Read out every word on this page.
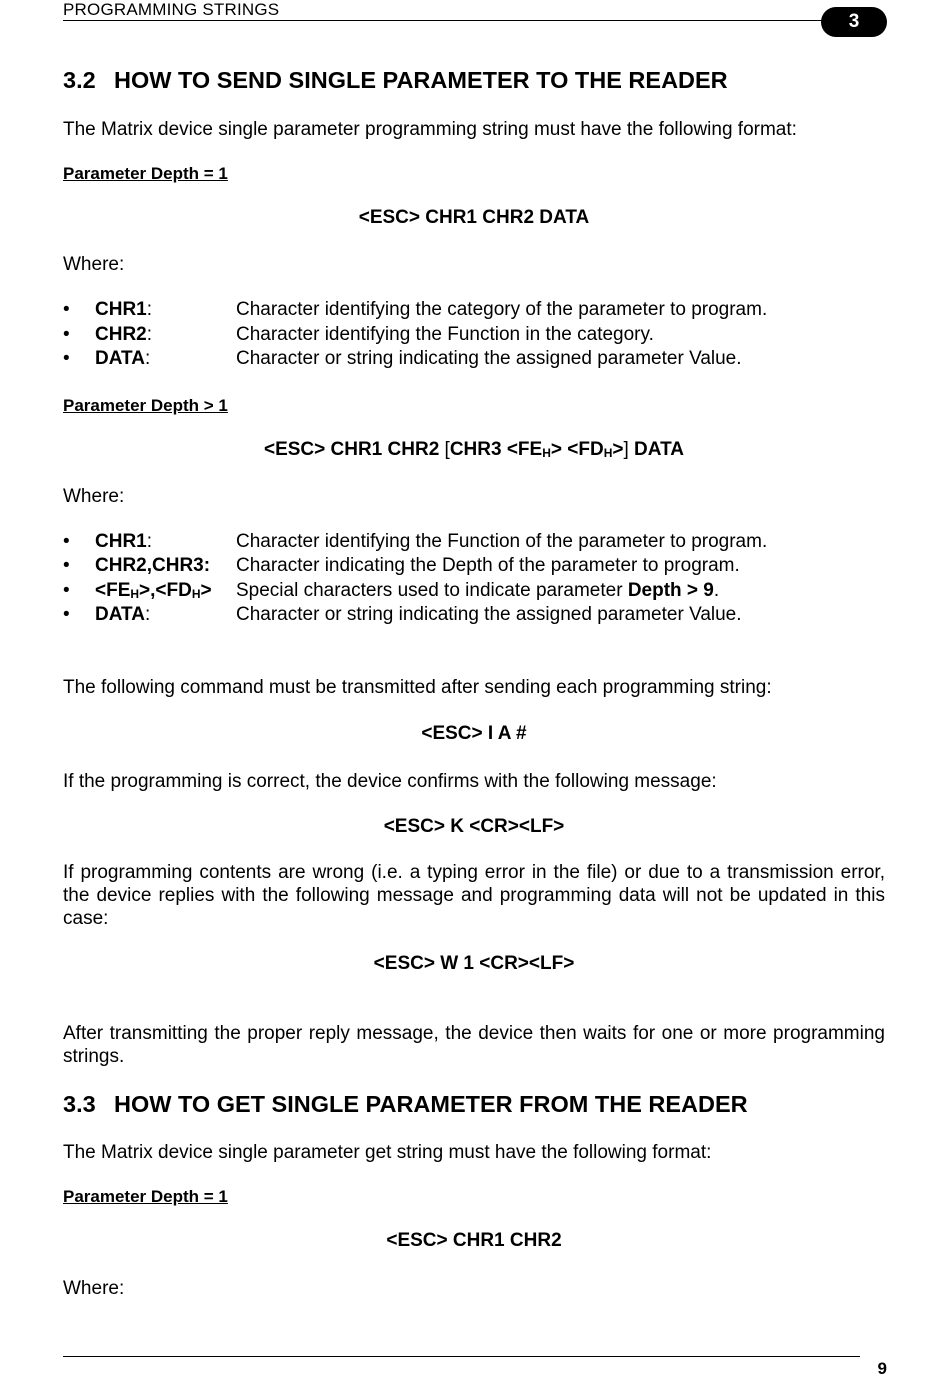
PROGRAMMING STRINGS
3
3.2 HOW TO SEND SINGLE PARAMETER TO THE READER
The Matrix device single parameter programming string must have the following format:
Parameter Depth = 1
<ESC> CHR1 CHR2 DATA
Where:
• CHR1:	Character identifying the category of the parameter to program.
• CHR2:	Character identifying the Function in the category.
• DATA:	Character or string indicating the assigned parameter Value.
Parameter Depth > 1
<ESC> CHR1 CHR2 $[CHR3 <FE_H> <FD_H>]$ DATA
Where:
• CHR1:	Character identifying the Function of the parameter to program.
• CHR2,CHR3: Character indicating the Depth of the parameter to program.
• $<FE_H>,<FD_H>$ Special characters used to indicate parameter Depth > 9.
• DATA:	Character or string indicating the assigned parameter Value.
The following command must be transmitted after sending each programming string:
<ESC> I A #
If the programming is correct, the device confirms with the following message:
<ESC> K <CR><LF>
If programming contents are wrong (i.e. a typing error in the file) or due to a transmission error, the device replies with the following message and programming data will not be updated in this case:
<ESC> W 1 <CR><LF>
After transmitting the proper reply message, the device then waits for one or more programming strings.
3.3 HOW TO GET SINGLE PARAMETER FROM THE READER
The Matrix device single parameter get string must have the following format:
Parameter Depth = 1
<ESC> CHR1 CHR2
Where:
9
